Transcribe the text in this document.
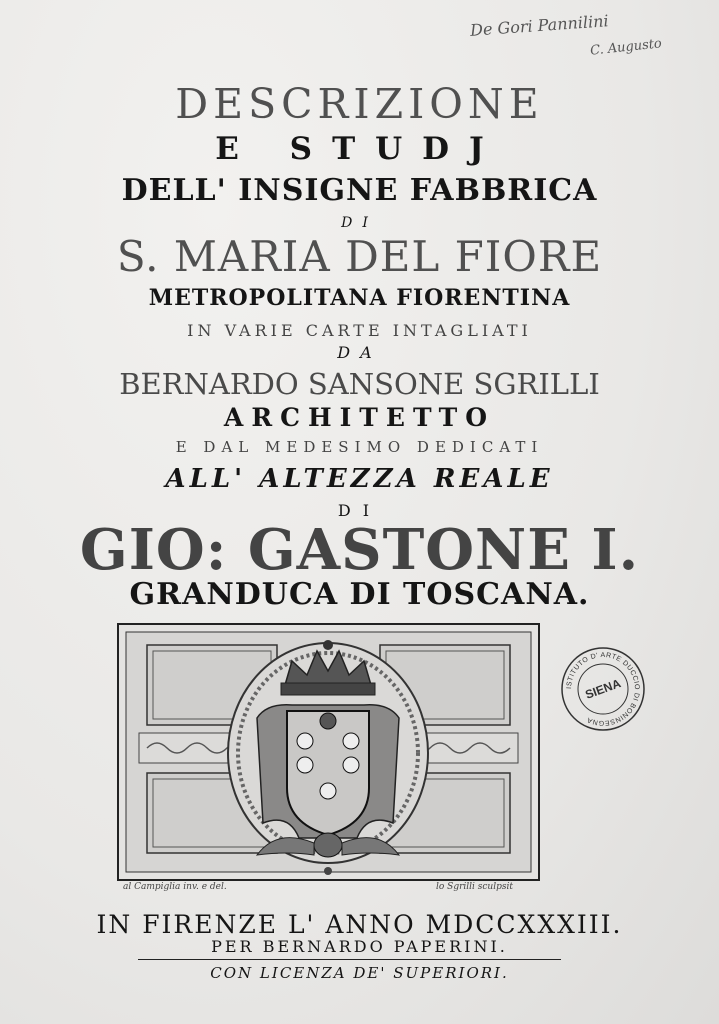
De Gori Pannilini
C. Augusto
DESCRIZIONE
E STUDJ
DELL' INSIGNE FABBRICA
DI
S. MARIA DEL FIORE
METROPOLITANA FIORENTINA
IN VARIE CARTE INTAGLIATI
DA
BERNARDO SANSONE SGRILLI
ARCHITETTO
E DAL MEDESIMO DEDICATI
ALL' ALTEZZA REALE
DI
GIO: GASTONE I.
GRANDUCA DI TOSCANA.
al Campiglia inv. e del.	lo Sgrilli sculpsit
ISTITUTO D' ARTE DUCCIO DI BONINSEGNA
SIENA
IN FIRENZE L' ANNO MDCCXXXIII.
PER BERNARDO PAPERINI.
CON LICENZA DE' SUPERIORI.
